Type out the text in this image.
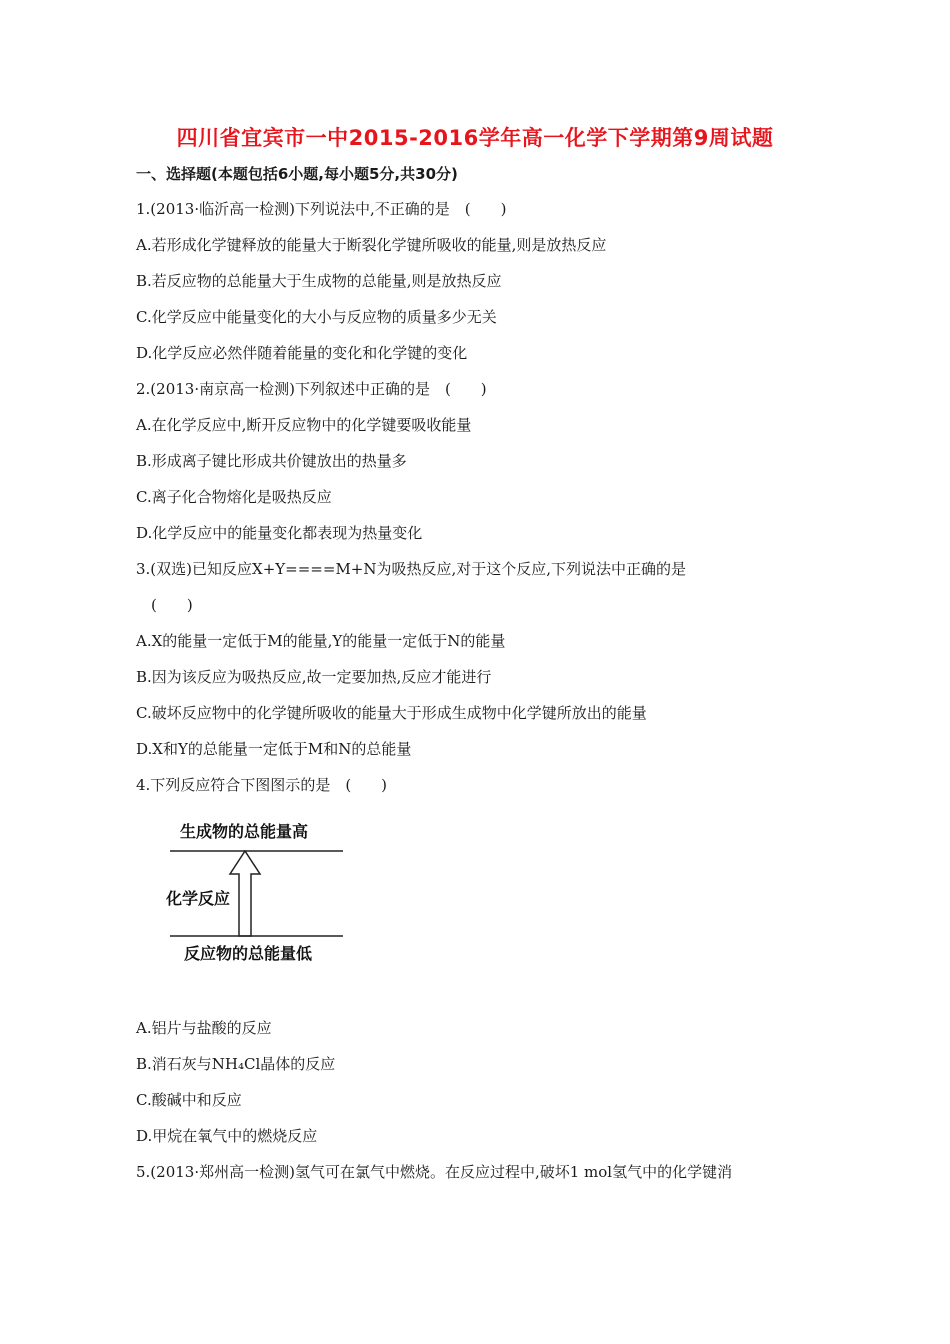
四川省宜宾市一中2015-2016学年高一化学下学期第9周试题
一、选择题(本题包括6小题,每小题5分,共30分)
1.(2013·临沂高一检测)下列说法中,不正确的是　(　　)
A.若形成化学键释放的能量大于断裂化学键所吸收的能量,则是放热反应
B.若反应物的总能量大于生成物的总能量,则是放热反应
C.化学反应中能量变化的大小与反应物的质量多少无关
D.化学反应必然伴随着能量的变化和化学键的变化
2.(2013·南京高一检测)下列叙述中正确的是　(　　)
A.在化学反应中,断开反应物中的化学键要吸收能量
B.形成离子键比形成共价键放出的热量多
C.离子化合物熔化是吸热反应
D.化学反应中的能量变化都表现为热量变化
3.(双选)已知反应X+Y====M+N为吸热反应,对于这个反应,下列说法中正确的是
　(　　)
A.X的能量一定低于M的能量,Y的能量一定低于N的能量
B.因为该反应为吸热反应,故一定要加热,反应才能进行
C.破坏反应物中的化学键所吸收的能量大于形成生成物中化学键所放出的能量
D.X和Y的总能量一定低于M和N的总能量
4.下列反应符合下图图示的是　(　　)
生成物的总能量高
化学反应
反应物的总能量低
A.铝片与盐酸的反应
B.消石灰与NH₄Cl晶体的反应
C.酸碱中和反应
D.甲烷在氧气中的燃烧反应
5.(2013·郑州高一检测)氢气可在氯气中燃烧。在反应过程中,破坏1 mol氢气中的化学键消
